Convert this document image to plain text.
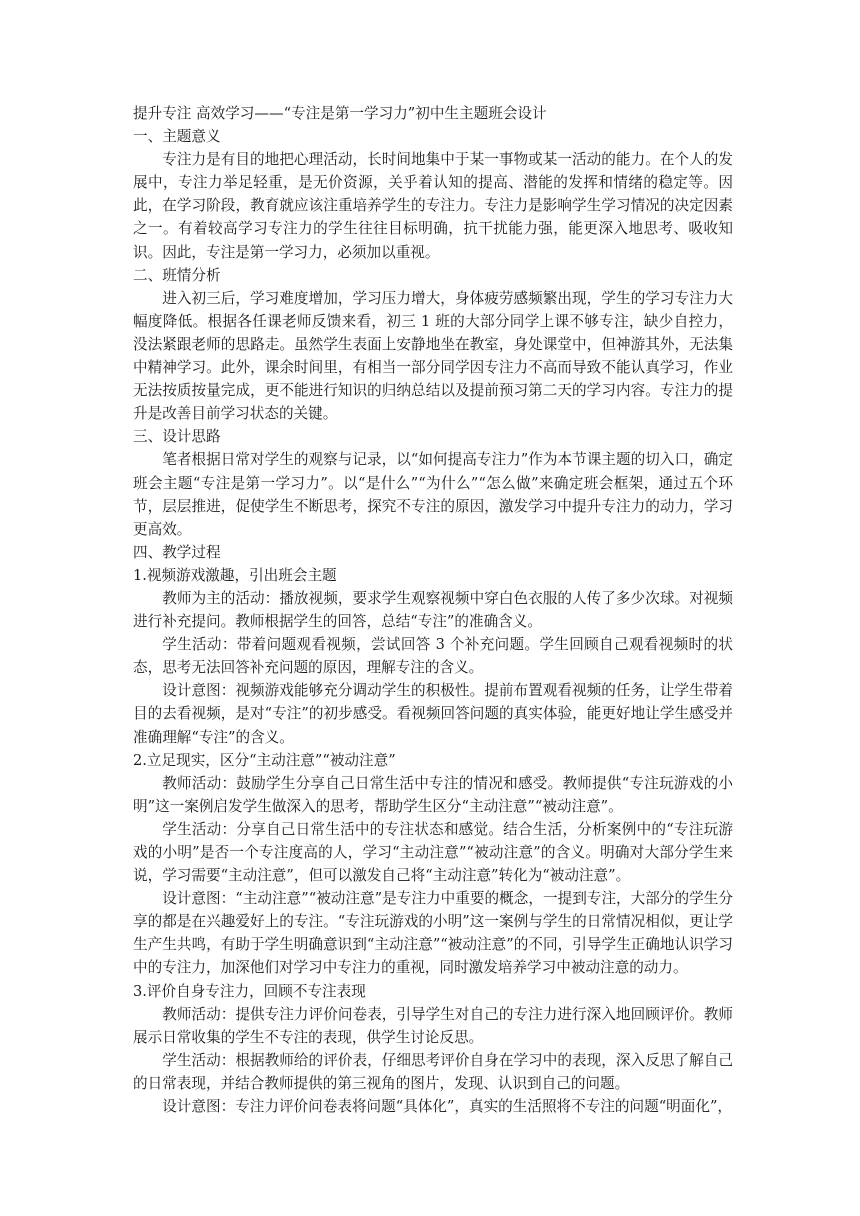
提升专注 高效学习——“专注是第一学习力”初中生主题班会设计

一、主题意义

专注力是有目的地把心理活动，长时间地集中于某一事物或某一活动的能力。在个人的发展中，专注力举足轻重，是无价资源，关乎着认知的提高、潜能的发挥和情绪的稳定等。因此，在学习阶段，教育就应该注重培养学生的专注力。专注力是影响学生学习情况的决定因素之一。有着较高学习专注力的学生往往目标明确，抗干扰能力强，能更深入地思考、吸收知识。因此，专注是第一学习力，必须加以重视。

二、班情分析

进入初三后，学习难度增加，学习压力增大，身体疲劳感频繁出现，学生的学习专注力大幅度降低。根据各任课老师反馈来看，初三 1 班的大部分同学上课不够专注，缺少自控力，没法紧跟老师的思路走。虽然学生表面上安静地坐在教室，身处课堂中，但神游其外，无法集中精神学习。此外，课余时间里，有相当一部分同学因专注力不高而导致不能认真学习，作业无法按质按量完成，更不能进行知识的归纳总结以及提前预习第二天的学习内容。专注力的提升是改善目前学习状态的关键。

三、设计思路

笔者根据日常对学生的观察与记录，以“如何提高专注力”作为本节课主题的切入口，确定班会主题“专注是第一学习力”。以“是什么”“为什么”“怎么做”来确定班会框架，通过五个环节，层层推进，促使学生不断思考，探究不专注的原因，激发学习中提升专注力的动力，学习更高效。

四、教学过程

1.视频游戏激趣，引出班会主题

教师为主的活动：播放视频，要求学生观察视频中穿白色衣服的人传了多少次球。对视频进行补充提问。教师根据学生的回答，总结“专注”的准确含义。

学生活动：带着问题观看视频，尝试回答 3 个补充问题。学生回顾自己观看视频时的状态，思考无法回答补充问题的原因，理解专注的含义。

设计意图：视频游戏能够充分调动学生的积极性。提前布置观看视频的任务，让学生带着目的去看视频，是对“专注”的初步感受。看视频回答问题的真实体验，能更好地让学生感受并准确理解“专注”的含义。

2.立足现实，区分“主动注意”“被动注意”

教师活动：鼓励学生分享自己日常生活中专注的情况和感受。教师提供“专注玩游戏的小明”这一案例启发学生做深入的思考，帮助学生区分“主动注意”“被动注意”。

学生活动：分享自己日常生活中的专注状态和感觉。结合生活，分析案例中的“专注玩游戏的小明”是否一个专注度高的人，学习“主动注意”“被动注意”的含义。明确对大部分学生来说，学习需要“主动注意”，但可以激发自己将“主动注意”转化为“被动注意”。

设计意图：“主动注意”“被动注意”是专注力中重要的概念，一提到专注，大部分的学生分享的都是在兴趣爱好上的专注。“专注玩游戏的小明”这一案例与学生的日常情况相似，更让学生产生共鸣，有助于学生明确意识到“主动注意”“被动注意”的不同，引导学生正确地认识学习中的专注力，加深他们对学习中专注力的重视，同时激发培养学习中被动注意的动力。

3.评价自身专注力，回顾不专注表现

教师活动：提供专注力评价问卷表，引导学生对自己的专注力进行深入地回顾评价。教师展示日常收集的学生不专注的表现，供学生讨论反思。

学生活动：根据教师给的评价表，仔细思考评价自身在学习中的表现，深入反思了解自己的日常表现，并结合教师提供的第三视角的图片，发现、认识到自己的问题。

设计意图：专注力评价问卷表将问题“具体化”，真实的生活照将不专注的问题“明面化”，
